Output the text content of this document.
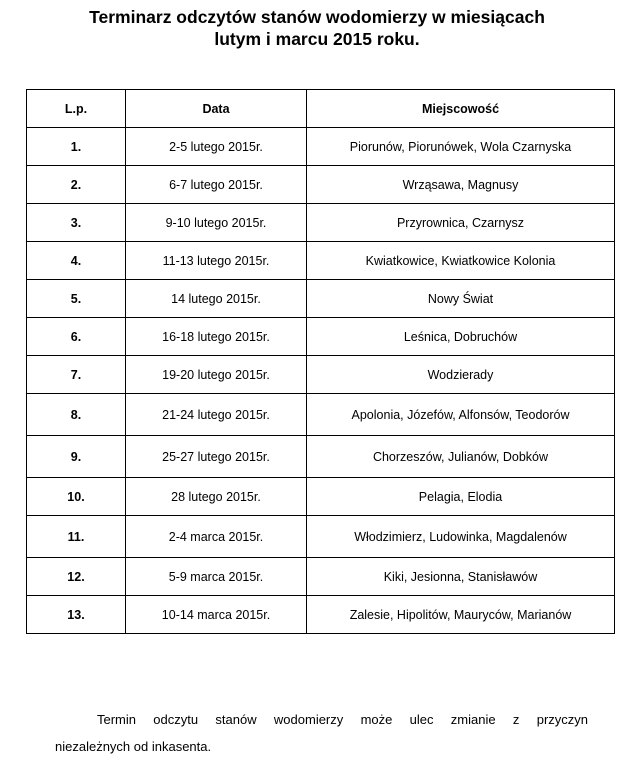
Terminarz odczytów stanów wodomierzy w miesiącach
lutym i marcu 2015 roku.
L.p.	Data	Miejscowość
1.	2-5 lutego 2015r.	Piorunów, Piorunówek, Wola Czarnyska
2.	6-7 lutego 2015r.	Wrząsawa, Magnusy
3.	9-10 lutego 2015r.	Przyrownica, Czarnysz
4.	11-13 lutego 2015r.	Kwiatkowice, Kwiatkowice Kolonia
5.	14 lutego 2015r.	Nowy Świat
6.	16-18 lutego 2015r.	Leśnica, Dobruchów
7.	19-20 lutego 2015r.	Wodzierady
8.	21-24 lutego 2015r.	Apolonia, Józefów, Alfonsów, Teodorów
9.	25-27 lutego 2015r.	Chorzeszów, Julianów, Dobków
10.	28 lutego 2015r.	Pelagia, Elodia
11.	2-4 marca 2015r.	Włodzimierz, Ludowinka, Magdalenów
12.	5-9 marca 2015r.	Kiki, Jesionna, Stanisławów
13.	10-14 marca 2015r.	Zalesie, Hipolitów, Mauryców, Marianów
Termin odczytu stanów wodomierzy może ulec zmianie z przyczyn
niezależnych od inkasenta.
